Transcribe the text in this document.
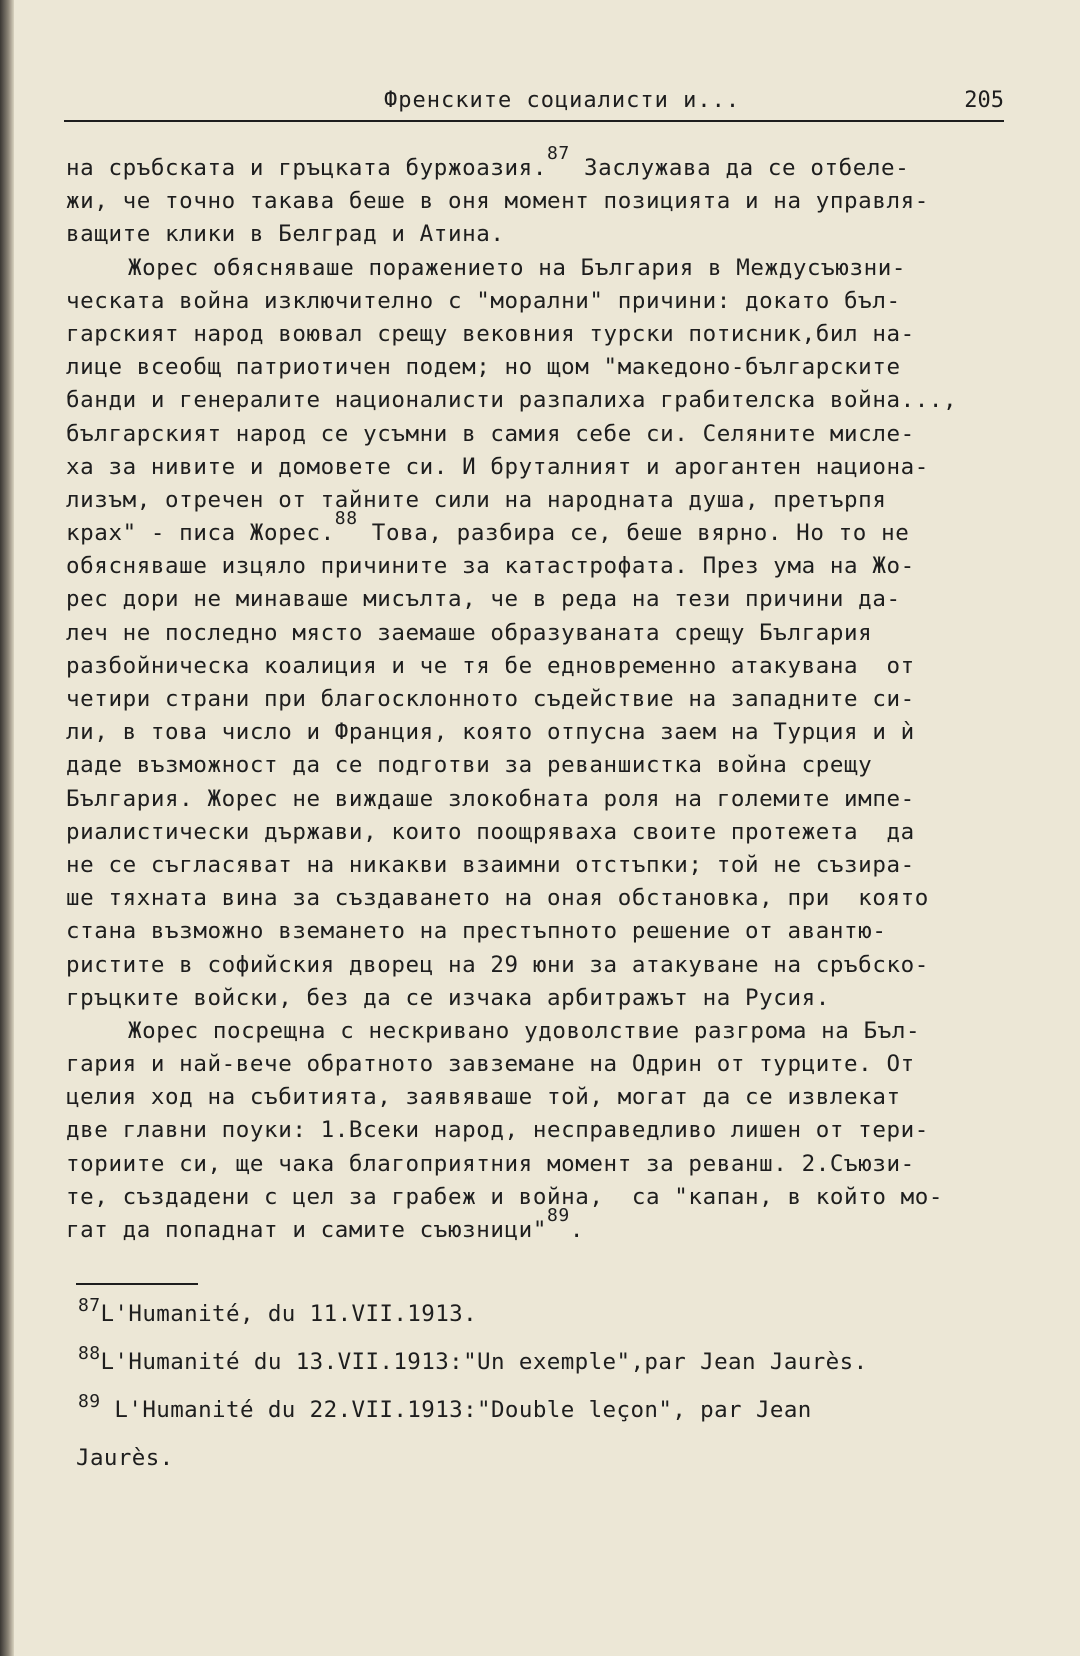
Френските социалисти и...	205
на сръбската и гръцката буржоазия.$^{87}$ Заслужава да се отбеле-
жи, че точно такава беше в оня момент позицията и на управля-
ващите клики в Белград и Атина.
Жорес обясняваше поражението на България в Междусъюзни-
ческата война изключително с "морални" причини: докато бъл-
гарският народ воювал срещу вековния турски потисник,бил на-
лице всеобщ патриотичен подем; но щом "македоно-българските
банди и генералите националисти разпалиха грабителска война...,
българският народ се усъмни в самия себе си. Селяните мисле-
ха за нивите и домовете си. И бруталният и арогантен национа-
лизъм, отречен от тайните сили на народната душа, претърпя
крах" - писа Жорес.$^{88}$ Това, разбира се, беше вярно. Но то не
обясняваше изцяло причините за катастрофата. През ума на Жо-
рес дори не минаваше мисълта, че в реда на тези причини да-
леч не последно място заемаше образуваната срещу България
разбойническа коалиция и че тя бе едновременно атакувана  от
четири страни при благосклонното съдействие на западните си-
ли, в това число и Франция, която отпусна заем на Турция и ѝ
даде възможност да се подготви за реваншистка война срещу
България. Жорес не виждаше злокобната роля на големите импе-
риалистически държави, които поощряваха своите протежета  да
не се съгласяват на никакви взаимни отстъпки; той не съзира-
ше тяхната вина за създаването на оная обстановка, при  която
стана възможно вземането на престъпното решение от авантю-
ристите в софийския дворец на 29 юни за атакуване на сръбско-
гръцките войски, без да се изчака арбитражът на Русия.
Жорес посрещна с нескривано удоволствие разгрома на Бъл-
гария и най-вече обратното завземане на Одрин от турците. От
целия ход на събитията, заявяваше той, могат да се извлекат
две главни поуки: 1.Всеки народ, несправедливо лишен от тери-
ториите си, ще чака благоприятния момент за реванш. 2.Съюзи-
те, създадени с цел за грабеж и война,  са "капан, в който мо-
гат да попаднат и самите съюзници"$^{89}$.
$^{87}$L'Humanité, du 11.VII.1913.
$^{88}$L'Humanité du 13.VII.1913:"Un exemple",par Jean Jaurès.
$^{89}$ L'Humanité du 22.VII.1913:"Double leçon", par Jean
Jaurès.
